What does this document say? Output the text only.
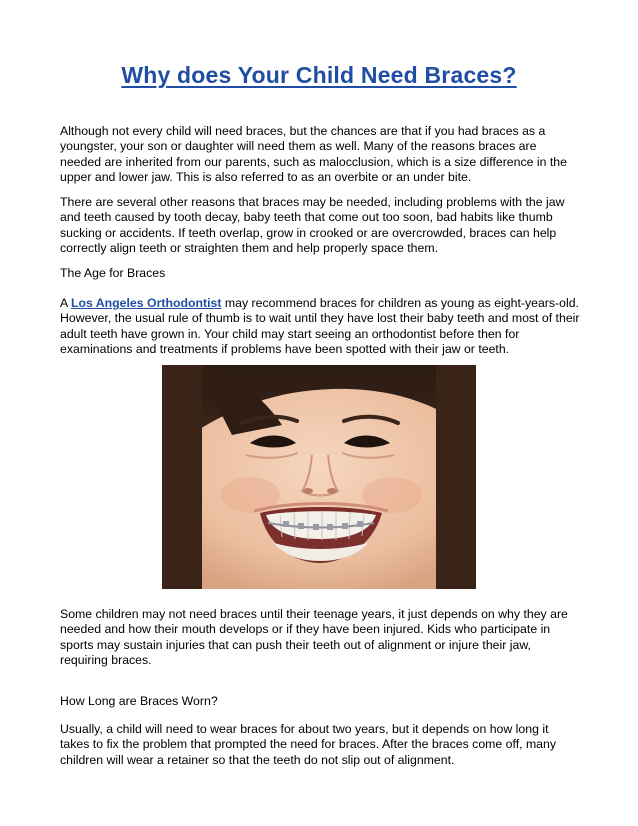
Why does Your Child Need Braces?

Although not every child will need braces, but the chances are that if you had braces as a youngster, your son or daughter will need them as well. Many of the reasons braces are needed are inherited from our parents, such as malocclusion, which is a size difference in the upper and lower jaw. This is also referred to as an overbite or an under bite.

There are several other reasons that braces may be needed, including problems with the jaw and teeth caused by tooth decay, baby teeth that come out too soon, bad habits like thumb sucking or accidents. If teeth overlap, grow in crooked or are overcrowded, braces can help correctly align teeth or straighten them and help properly space them.

The Age for Braces

A Los Angeles Orthodontist may recommend braces for children as young as eight-years-old. However, the usual rule of thumb is to wait until they have lost their baby teeth and most of their adult teeth have grown in. Your child may start seeing an orthodontist before then for examinations and treatments if problems have been spotted with their jaw or teeth.

Some children may not need braces until their teenage years, it just depends on why they are needed and how their mouth develops or if they have been injured. Kids who participate in sports may sustain injuries that can push their teeth out of alignment or injure their jaw, requiring braces.

How Long are Braces Worn?

Usually, a child will need to wear braces for about two years, but it depends on how long it takes to fix the problem that prompted the need for braces. After the braces come off, many children will wear a retainer so that the teeth do not slip out of alignment.
